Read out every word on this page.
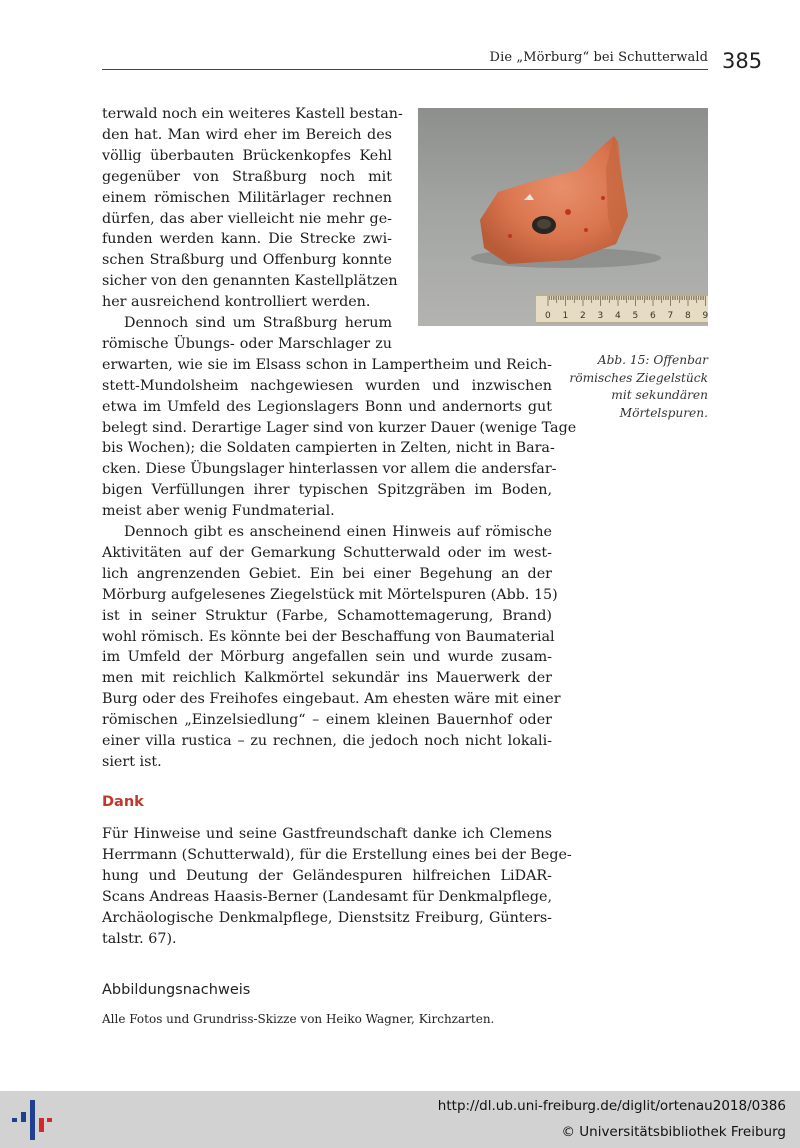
Die „Mörburg“ bei Schutterwald 385
0 1 2 3 4 5 6 7 8 9
Abb. 15: Offenbar
römisches Ziegelstück
mit sekundären
Mörtelspuren.
terwald noch ein weiteres Kastell bestan-
den hat. Man wird eher im Bereich des
völlig überbauten Brückenkopfes Kehl
gegenüber von Straßburg noch mit
einem römischen Militärlager rechnen
dürfen, das aber vielleicht nie mehr ge-
funden werden kann. Die Strecke zwi-
schen Straßburg und Offenburg konnte
sicher von den genannten Kastellplätzen
her ausreichend kontrolliert werden.
Dennoch sind um Straßburg herum
römische Übungs- oder Marschlager zu
erwarten, wie sie im Elsass schon in Lampertheim und Reich-
stett-Mundolsheim nachgewiesen wurden und inzwischen
etwa im Umfeld des Legionslagers Bonn und andernorts gut
belegt sind. Derartige Lager sind von kurzer Dauer (wenige Tage
bis Wochen); die Soldaten campierten in Zelten, nicht in Bara-
cken. Diese Übungslager hinterlassen vor allem die andersfar-
bigen Verfüllungen ihrer typischen Spitzgräben im Boden,
meist aber wenig Fundmaterial.
Dennoch gibt es anscheinend einen Hinweis auf römische
Aktivitäten auf der Gemarkung Schutterwald oder im west-
lich angrenzenden Gebiet. Ein bei einer Begehung an der
Mörburg aufgelesenes Ziegelstück mit Mörtelspuren (Abb. 15)
ist in seiner Struktur (Farbe, Schamottemagerung, Brand)
wohl römisch. Es könnte bei der Beschaffung von Baumaterial
im Umfeld der Mörburg angefallen sein und wurde zusam-
men mit reichlich Kalkmörtel sekundär ins Mauerwerk der
Burg oder des Freihofes eingebaut. Am ehesten wäre mit einer
römischen „Einzelsiedlung“ – einem kleinen Bauernhof oder
einer villa rustica – zu rechnen, die jedoch noch nicht lokali-
siert ist.
Dank
Für Hinweise und seine Gastfreundschaft danke ich Clemens
Herrmann (Schutterwald), für die Erstellung eines bei der Bege-
hung und Deutung der Geländespuren hilfreichen LiDAR-
Scans Andreas Haasis-Berner (Landesamt für Denkmalpflege,
Archäologische Denkmalpflege, Dienstsitz Freiburg, Günters-
talstr. 67).
Abbildungsnachweis
Alle Fotos und Grundriss-Skizze von Heiko Wagner, Kirchzarten.
http://dl.ub.uni-freiburg.de/diglit/ortenau2018/0386
© Universitätsbibliothek Freiburg
